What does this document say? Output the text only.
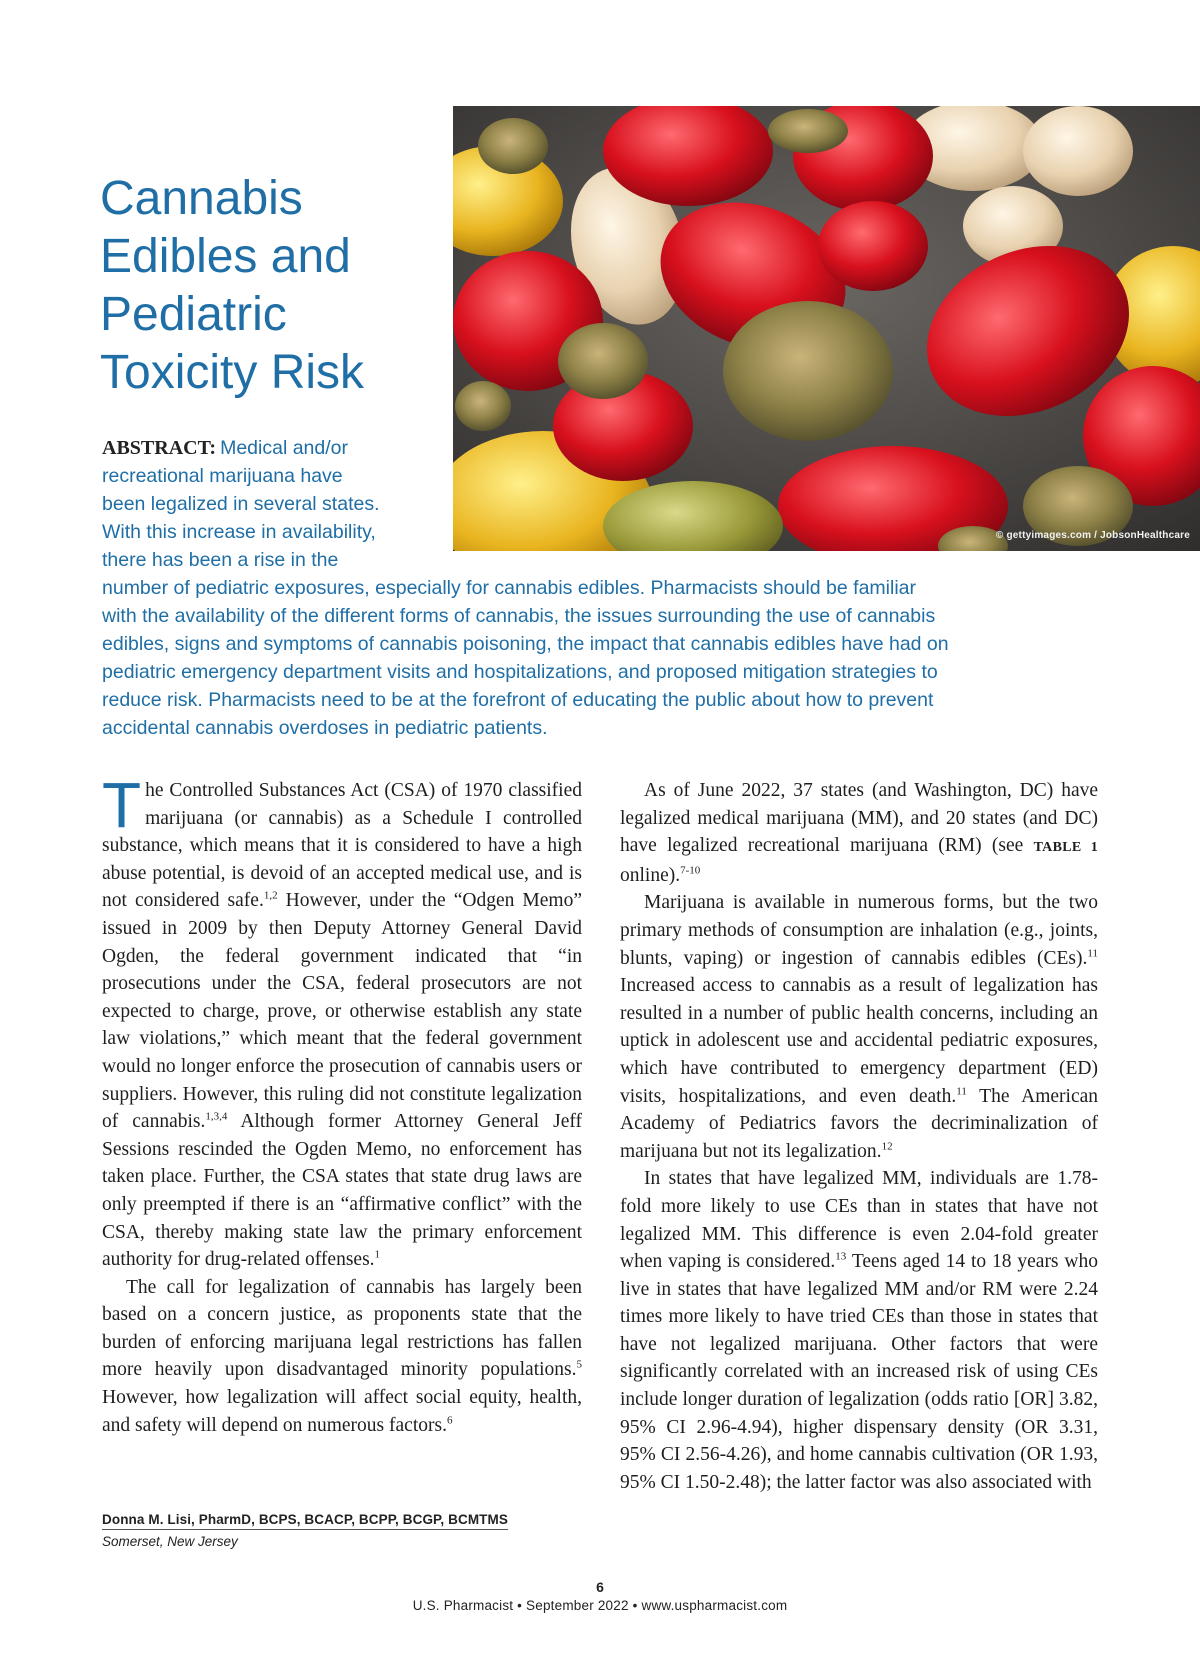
Cannabis Edibles and Pediatric Toxicity Risk
© gettyimages.com / JobsonHealthcare
ABSTRACT: Medical and/or
recreational marijuana have
been legalized in several states.
With this increase in availability,
there has been a rise in the
number of pediatric exposures, especially for cannabis edibles. Pharmacists should be familiar
with the availability of the different forms of cannabis, the issues surrounding the use of cannabis
edibles, signs and symptoms of cannabis poisoning, the impact that cannabis edibles have had on
pediatric emergency department visits and hospitalizations, and proposed mitigation strategies to
reduce risk. Pharmacists need to be at the forefront of educating the public about how to prevent
accidental cannabis overdoses in pediatric patients.

The Controlled Substances Act (CSA) of 1970 classified marijuana (or cannabis) as a Schedule I controlled substance, which means that it is considered to have a high abuse potential, is devoid of an accepted medical use, and is not considered safe.$^{1,2}$ However, under the “Odgen Memo” issued in 2009 by then Deputy Attorney General David Ogden, the federal government indicated that “in prosecutions under the CSA, federal prosecutors are not expected to charge, prove, or otherwise establish any state law violations,” which meant that the federal government would no longer enforce the prosecution of cannabis users or suppliers. However, this ruling did not constitute legalization of cannabis.$^{1,3,4}$ Although former Attorney General Jeff Sessions rescinded the Ogden Memo, no enforcement has taken place. Further, the CSA states that state drug laws are only preempted if there is an “affirmative conflict” with the CSA, thereby making state law the primary enforcement authority for drug-related offenses.$^1$

The call for legalization of cannabis has largely been based on a concern justice, as proponents state that the burden of enforcing marijuana legal restrictions has fallen more heavily upon disadvantaged minority populations.$^5$ However, how legalization will affect social equity, health, and safety will depend on numerous factors.$^6$

Donna M. Lisi, PharmD, BCPS, BCACP, BCPP, BCGP, BCMTMS
Somerset, New Jersey

As of June 2022, 37 states (and Washington, DC) have legalized medical marijuana (MM), and 20 states (and DC) have legalized recreational marijuana (RM) (see TABLE 1 online).$^{7-10}$

Marijuana is available in numerous forms, but the two primary methods of consumption are inhalation (e.g., joints, blunts, vaping) or ingestion of cannabis edibles (CEs).$^{11}$ Increased access to cannabis as a result of legalization has resulted in a number of public health concerns, including an uptick in adolescent use and accidental pediatric exposures, which have contributed to emergency department (ED) visits, hospitalizations, and even death.$^{11}$ The American Academy of Pediatrics favors the decriminalization of marijuana but not its legalization.$^{12}$

In states that have legalized MM, individuals are 1.78-fold more likely to use CEs than in states that have not legalized MM. This difference is even 2.04-fold greater when vaping is considered.$^{13}$ Teens aged 14 to 18 years who live in states that have legalized MM and/or RM were 2.24 times more likely to have tried CEs than those in states that have not legalized marijuana. Other factors that were significantly correlated with an increased risk of using CEs include longer duration of legalization (odds ratio [OR] 3.82, 95% CI 2.96-4.94), higher dispensary density (OR 3.31, 95% CI 2.56-4.26), and home cannabis cultivation (OR 1.93, 95% CI 1.50-2.48); the latter factor was also associated with

6
U.S. Pharmacist • September 2022 • www.uspharmacist.com
